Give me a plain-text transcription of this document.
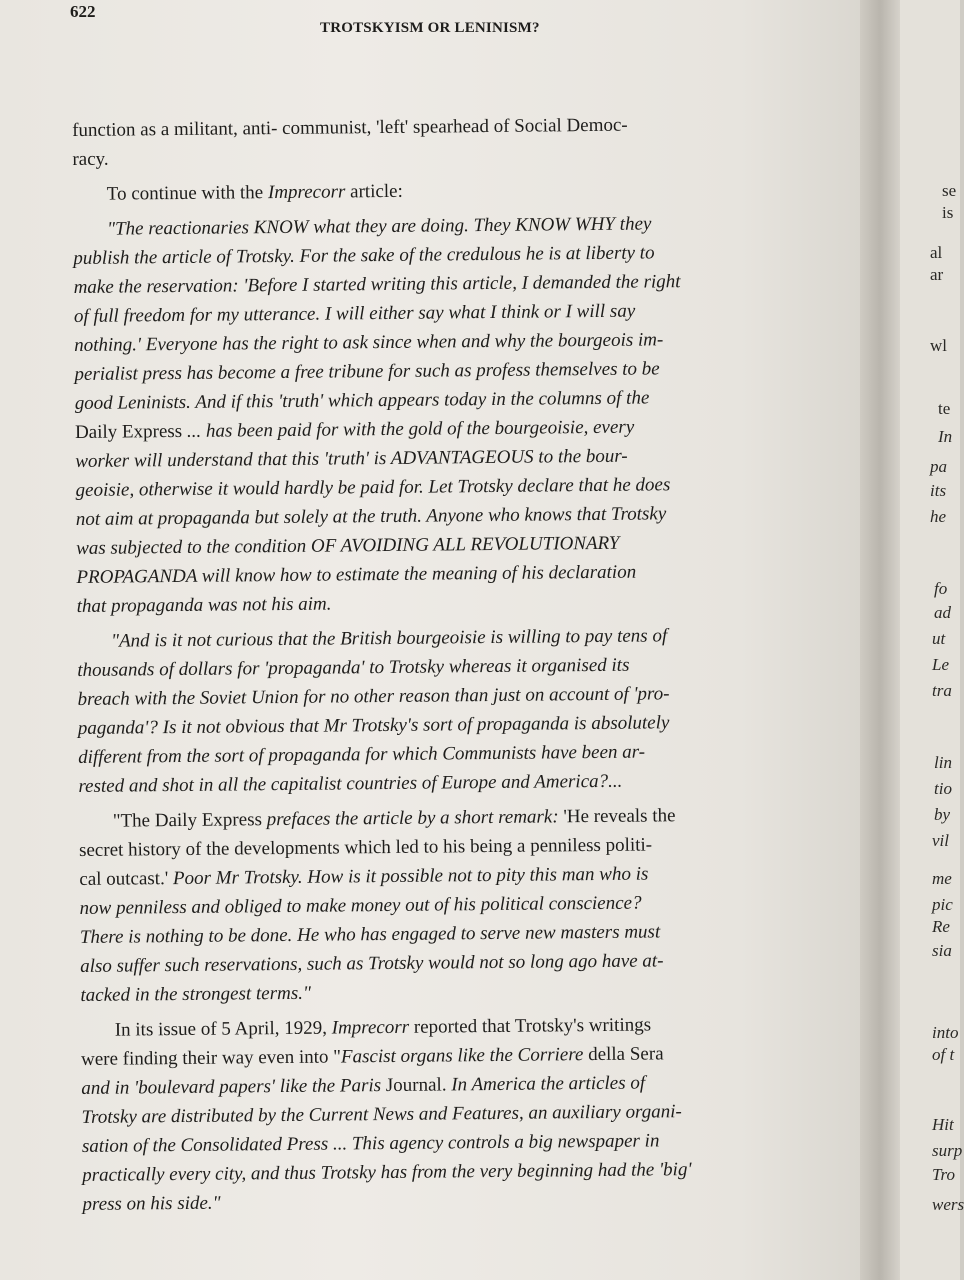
622
TROTSKYISM OR LENINISM?
function as a militant, anti- communist, 'left' spearhead of Social Democ-
racy.
To continue with the Imprecorr article:
"The reactionaries KNOW what they are doing. They KNOW WHY they
publish the article of Trotsky. For the sake of the credulous he is at liberty to
make the reservation: 'Before I started writing this article, I demanded the right
of full freedom for my utterance. I will either say what I think or I will say
nothing.' Everyone has the right to ask since when and why the bourgeois im-
perialist press has become a free tribune for such as profess themselves to be
good Leninists. And if this 'truth' which appears today in the columns of the
Daily Express ... has been paid for with the gold of the bourgeoisie, every
worker will understand that this 'truth' is ADVANTAGEOUS to the bour-
geoisie, otherwise it would hardly be paid for. Let Trotsky declare that he does
not aim at propaganda but solely at the truth. Anyone who knows that Trotsky
was subjected to the condition OF AVOIDING ALL REVOLUTIONARY
PROPAGANDA will know how to estimate the meaning of his declaration
that propaganda was not his aim.
"And is it not curious that the British bourgeoisie is willing to pay tens of
thousands of dollars for 'propaganda' to Trotsky whereas it organised its
breach with the Soviet Union for no other reason than just on account of 'pro-
paganda'? Is it not obvious that Mr Trotsky's sort of propaganda is absolutely
different from the sort of propaganda for which Communists have been ar-
rested and shot in all the capitalist countries of Europe and America?...
"The Daily Express prefaces the article by a short remark: 'He reveals the
secret history of the developments which led to his being a penniless politi-
cal outcast.' Poor Mr Trotsky. How is it possible not to pity this man who is
now penniless and obliged to make money out of his political conscience?
There is nothing to be done. He who has engaged to serve new masters must
also suffer such reservations, such as Trotsky would not so long ago have at-
tacked in the strongest terms."
In its issue of 5 April, 1929, Imprecorr reported that Trotsky's writings
were finding their way even into "Fascist organs like the Corriere della Sera
and in 'boulevard papers' like the Paris Journal. In America the articles of
Trotsky are distributed by the Current News and Features, an auxiliary organi-
sation of the Consolidated Press ... This agency controls a big newspaper in
practically every city, and thus Trotsky has from the very beginning had the 'big'
press on his side."
se
is
al
ar
wl
te
In
pa
its
he
fo
ad
ut
Le
tra
lin
tio
by
vil
me
pic
Re
sia
into
of t
Hit
surp
Tro
wers
